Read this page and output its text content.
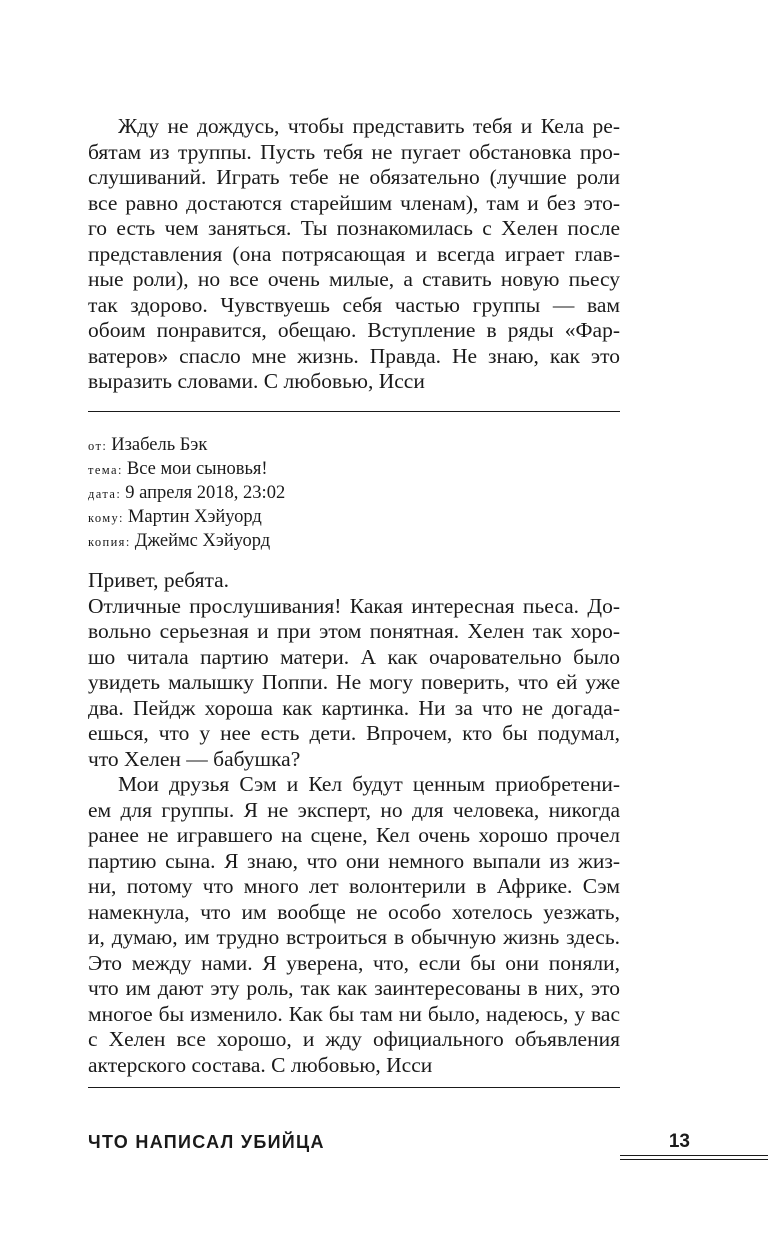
Жду не дождусь, чтобы представить тебя и Кела ре-
бятам из труппы. Пусть тебя не пугает обстановка про-
слушиваний. Играть тебе не обязательно (лучшие роли
все равно достаются старейшим членам), там и без это-
го есть чем заняться. Ты познакомилась с Хелен после
представления (она потрясающая и всегда играет глав-
ные роли), но все очень милые, а ставить новую пьесу
так здорово. Чувствуешь себя частью группы — вам
обоим понравится, обещаю. Вступление в ряды «Фар-
ватеров» спасло мне жизнь. Правда. Не знаю, как это
выразить словами. С любовью, Исси
от: Изабель Бэк
тема: Все мои сыновья!
дата: 9 апреля 2018, 23:02
кому: Мартин Хэйуорд
копия: Джеймс Хэйуорд
Привет, ребята.
Отличные прослушивания! Какая интересная пьеса. До-
вольно серьезная и при этом понятная. Хелен так хоро-
шо читала партию матери. А как очаровательно было
увидеть малышку Поппи. Не могу поверить, что ей уже
два. Пейдж хороша как картинка. Ни за что не догада-
ешься, что у нее есть дети. Впрочем, кто бы подумал,
что Хелен — бабушка?
Мои друзья Сэм и Кел будут ценным приобретени-
ем для группы. Я не эксперт, но для человека, никогда
ранее не игравшего на сцене, Кел очень хорошо прочел
партию сына. Я знаю, что они немного выпали из жиз-
ни, потому что много лет волонтерили в Африке. Сэм
намекнула, что им вообще не особо хотелось уезжать,
и, думаю, им трудно встроиться в обычную жизнь здесь.
Это между нами. Я уверена, что, если бы они поняли,
что им дают эту роль, так как заинтересованы в них, это
многое бы изменило. Как бы там ни было, надеюсь, у вас
с Хелен все хорошо, и жду официального объявления
актерского состава. С любовью, Исси
ЧТО НАПИСАЛ УБИЙЦА	13
